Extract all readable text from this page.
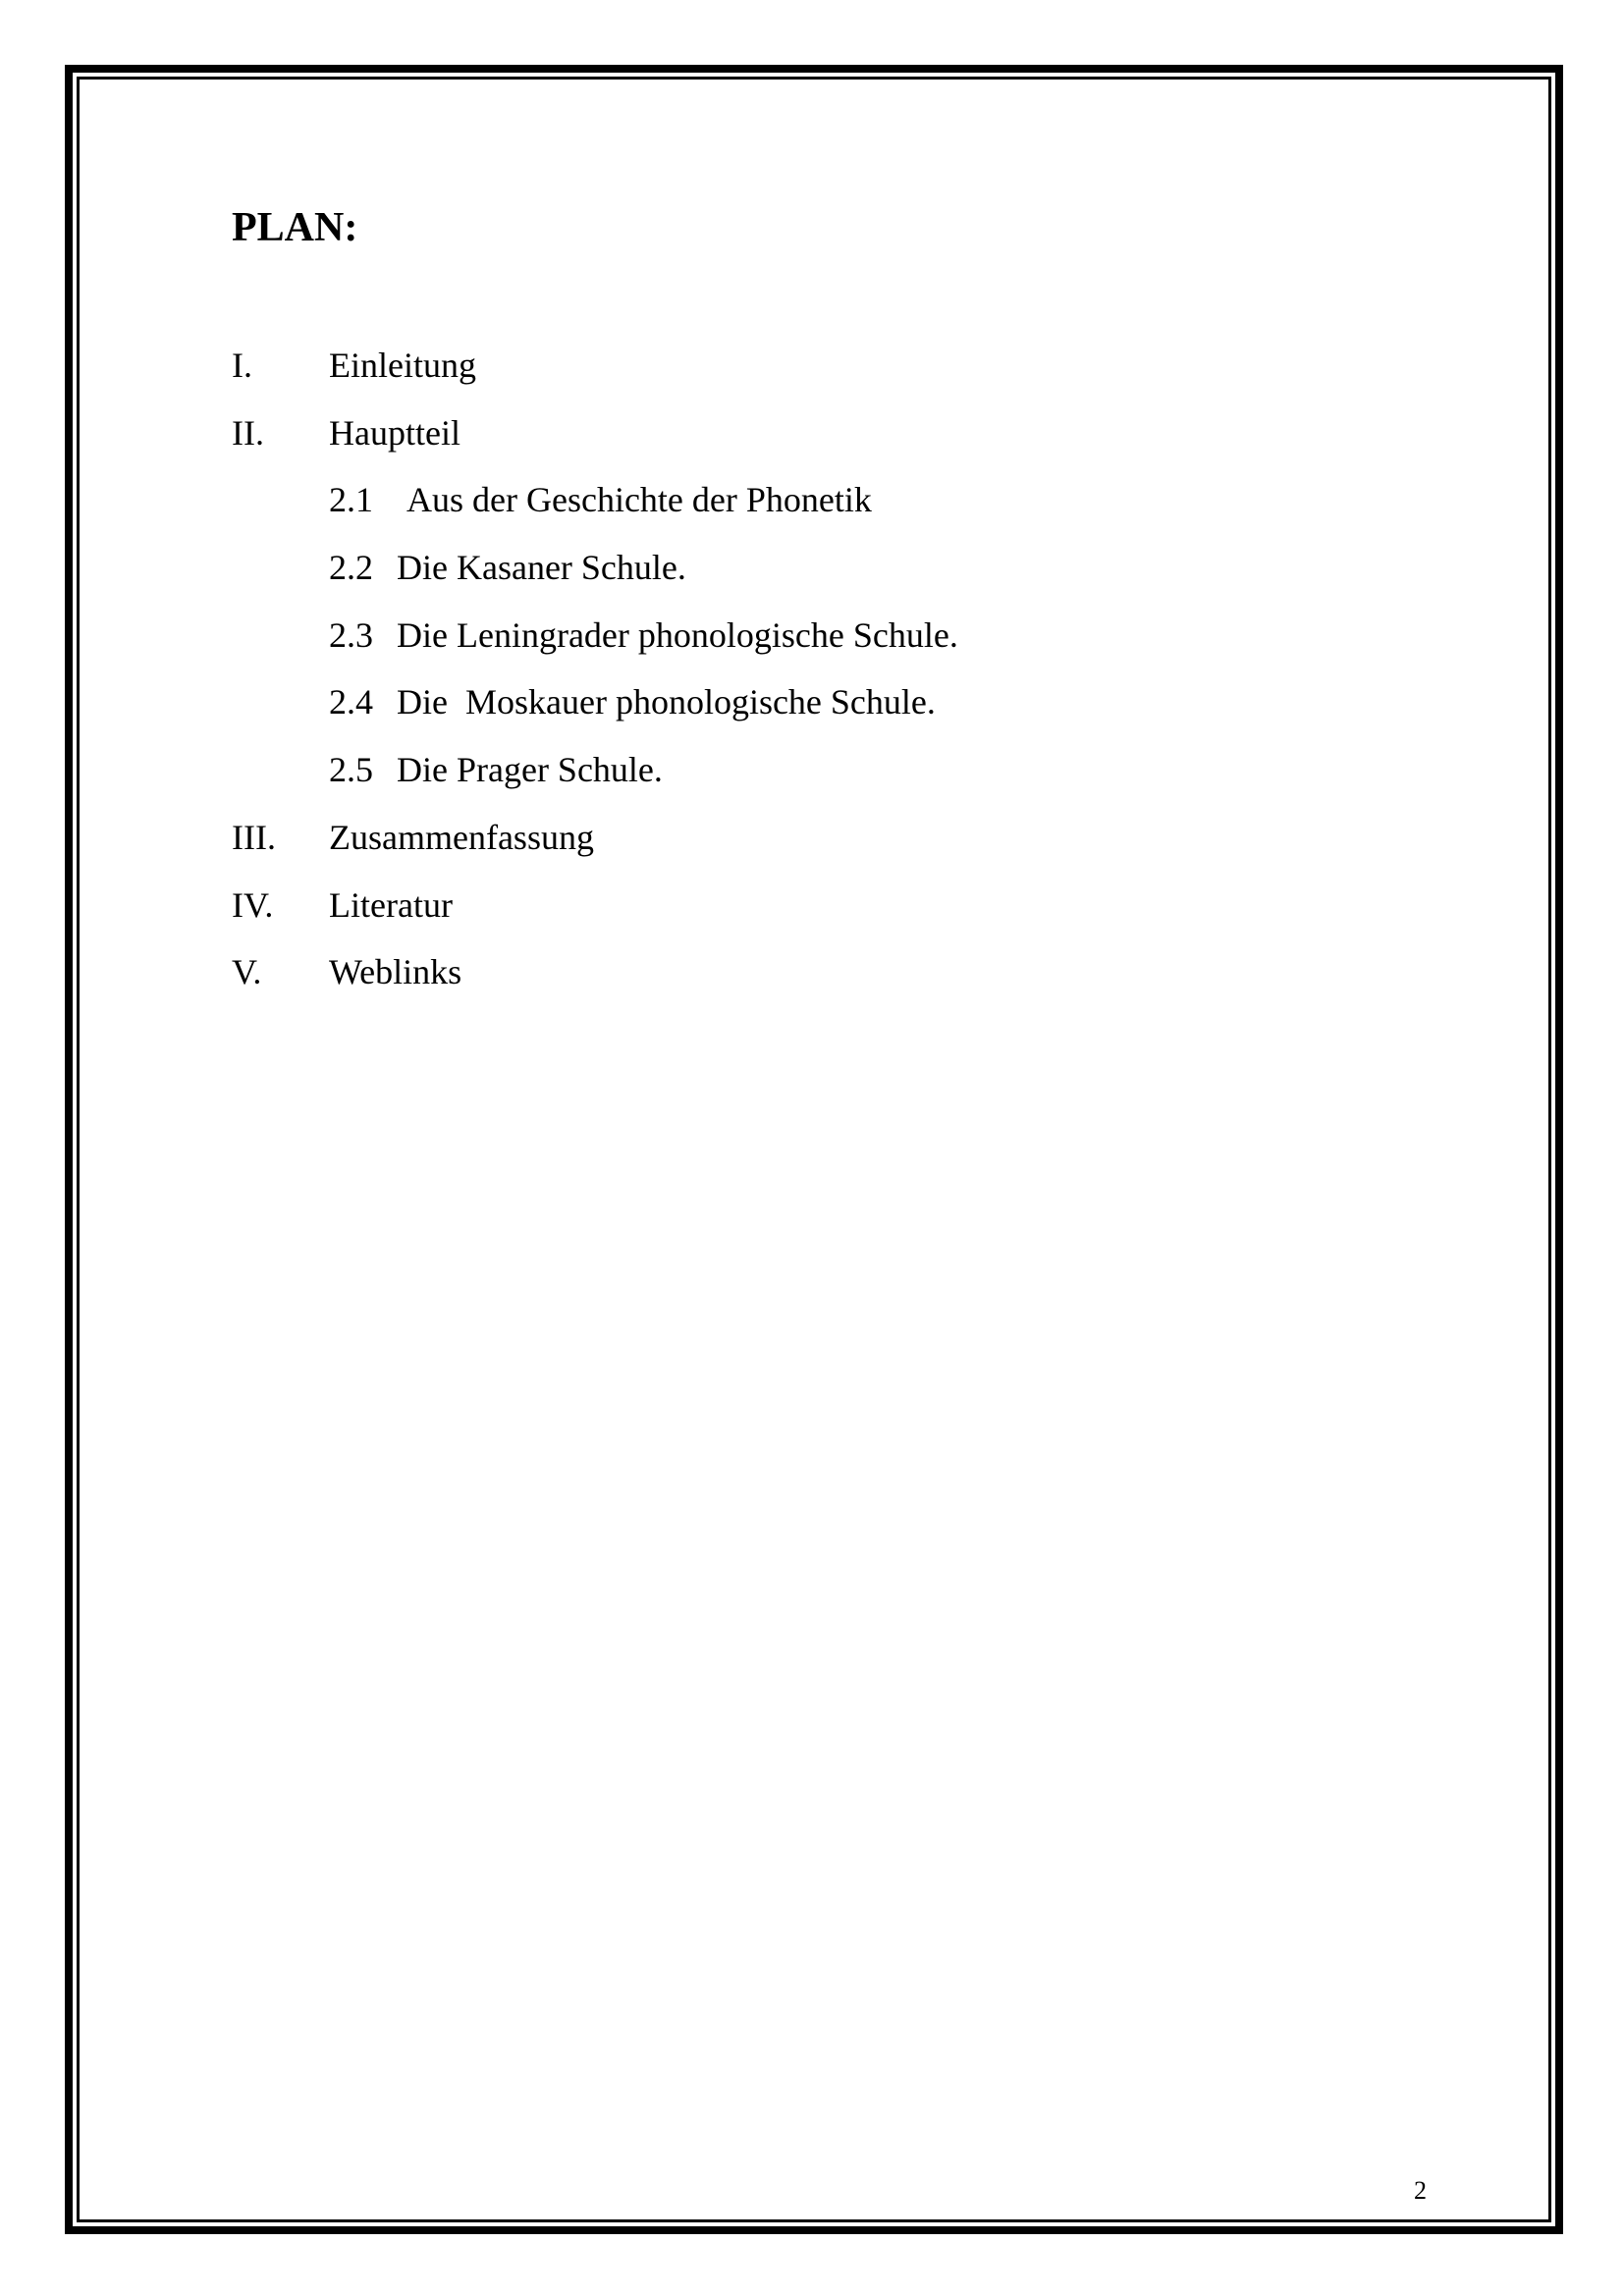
PLAN:
I. Einleitung
II. Hauptteil
2.1 Aus der Geschichte der Phonetik
2.2 Die Kasaner Schule.
2.3 Die Leningrader phonologische Schule.
2.4 Die  Moskauer phonologische Schule.
2.5 Die Prager Schule.
III. Zusammenfassung
IV. Literatur
V. Weblinks
2
